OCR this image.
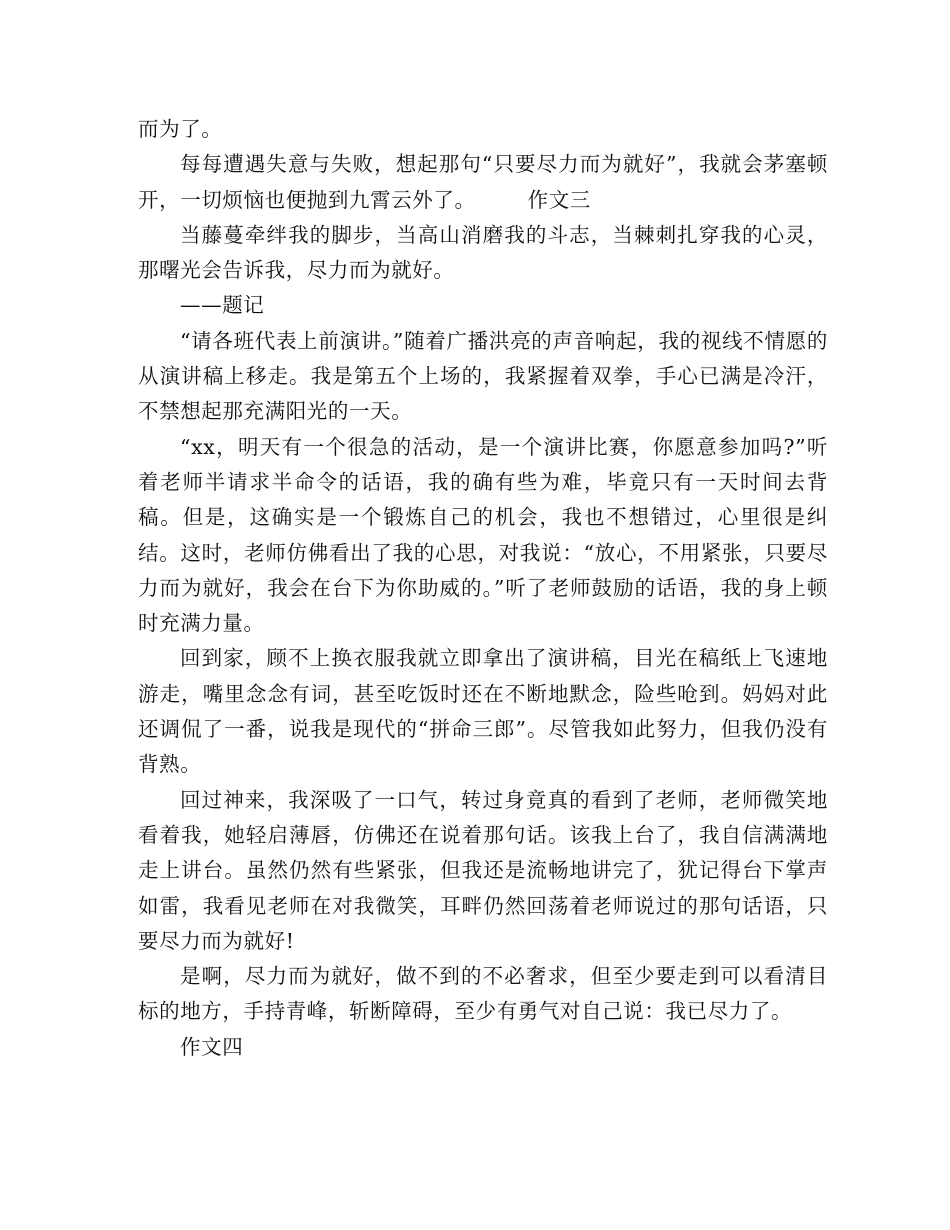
而为了。

每每遭遇失意与失败，想起那句“只要尽力而为就好”，我就会茅塞顿开，一切烦恼也便抛到九霄云外了。	作文三

当藤蔓牵绊我的脚步，当高山消磨我的斗志，当棘刺扎穿我的心灵，那曙光会告诉我，尽力而为就好。

——题记

“请各班代表上前演讲。”随着广播洪亮的声音响起，我的视线不情愿的从演讲稿上移走。我是第五个上场的，我紧握着双拳，手心已满是冷汗，不禁想起那充满阳光的一天。

“xx，明天有一个很急的活动，是一个演讲比赛，你愿意参加吗?”听着老师半请求半命令的话语，我的确有些为难，毕竟只有一天时间去背稿。但是，这确实是一个锻炼自己的机会，我也不想错过，心里很是纠结。这时，老师仿佛看出了我的心思，对我说：“放心，不用紧张，只要尽力而为就好，我会在台下为你助威的。”听了老师鼓励的话语，我的身上顿时充满力量。

回到家，顾不上换衣服我就立即拿出了演讲稿，目光在稿纸上飞速地游走，嘴里念念有词，甚至吃饭时还在不断地默念，险些呛到。妈妈对此还调侃了一番，说我是现代的“拼命三郎”。尽管我如此努力，但我仍没有背熟。

回过神来，我深吸了一口气，转过身竟真的看到了老师，老师微笑地看着我，她轻启薄唇，仿佛还在说着那句话。该我上台了，我自信满满地走上讲台。虽然仍然有些紧张，但我还是流畅地讲完了，犹记得台下掌声如雷，我看见老师在对我微笑，耳畔仍然回荡着老师说过的那句话语，只要尽力而为就好!

是啊，尽力而为就好，做不到的不必奢求，但至少要走到可以看清目标的地方，手持青峰，斩断障碍，至少有勇气对自己说：我已尽力了。

作文四
